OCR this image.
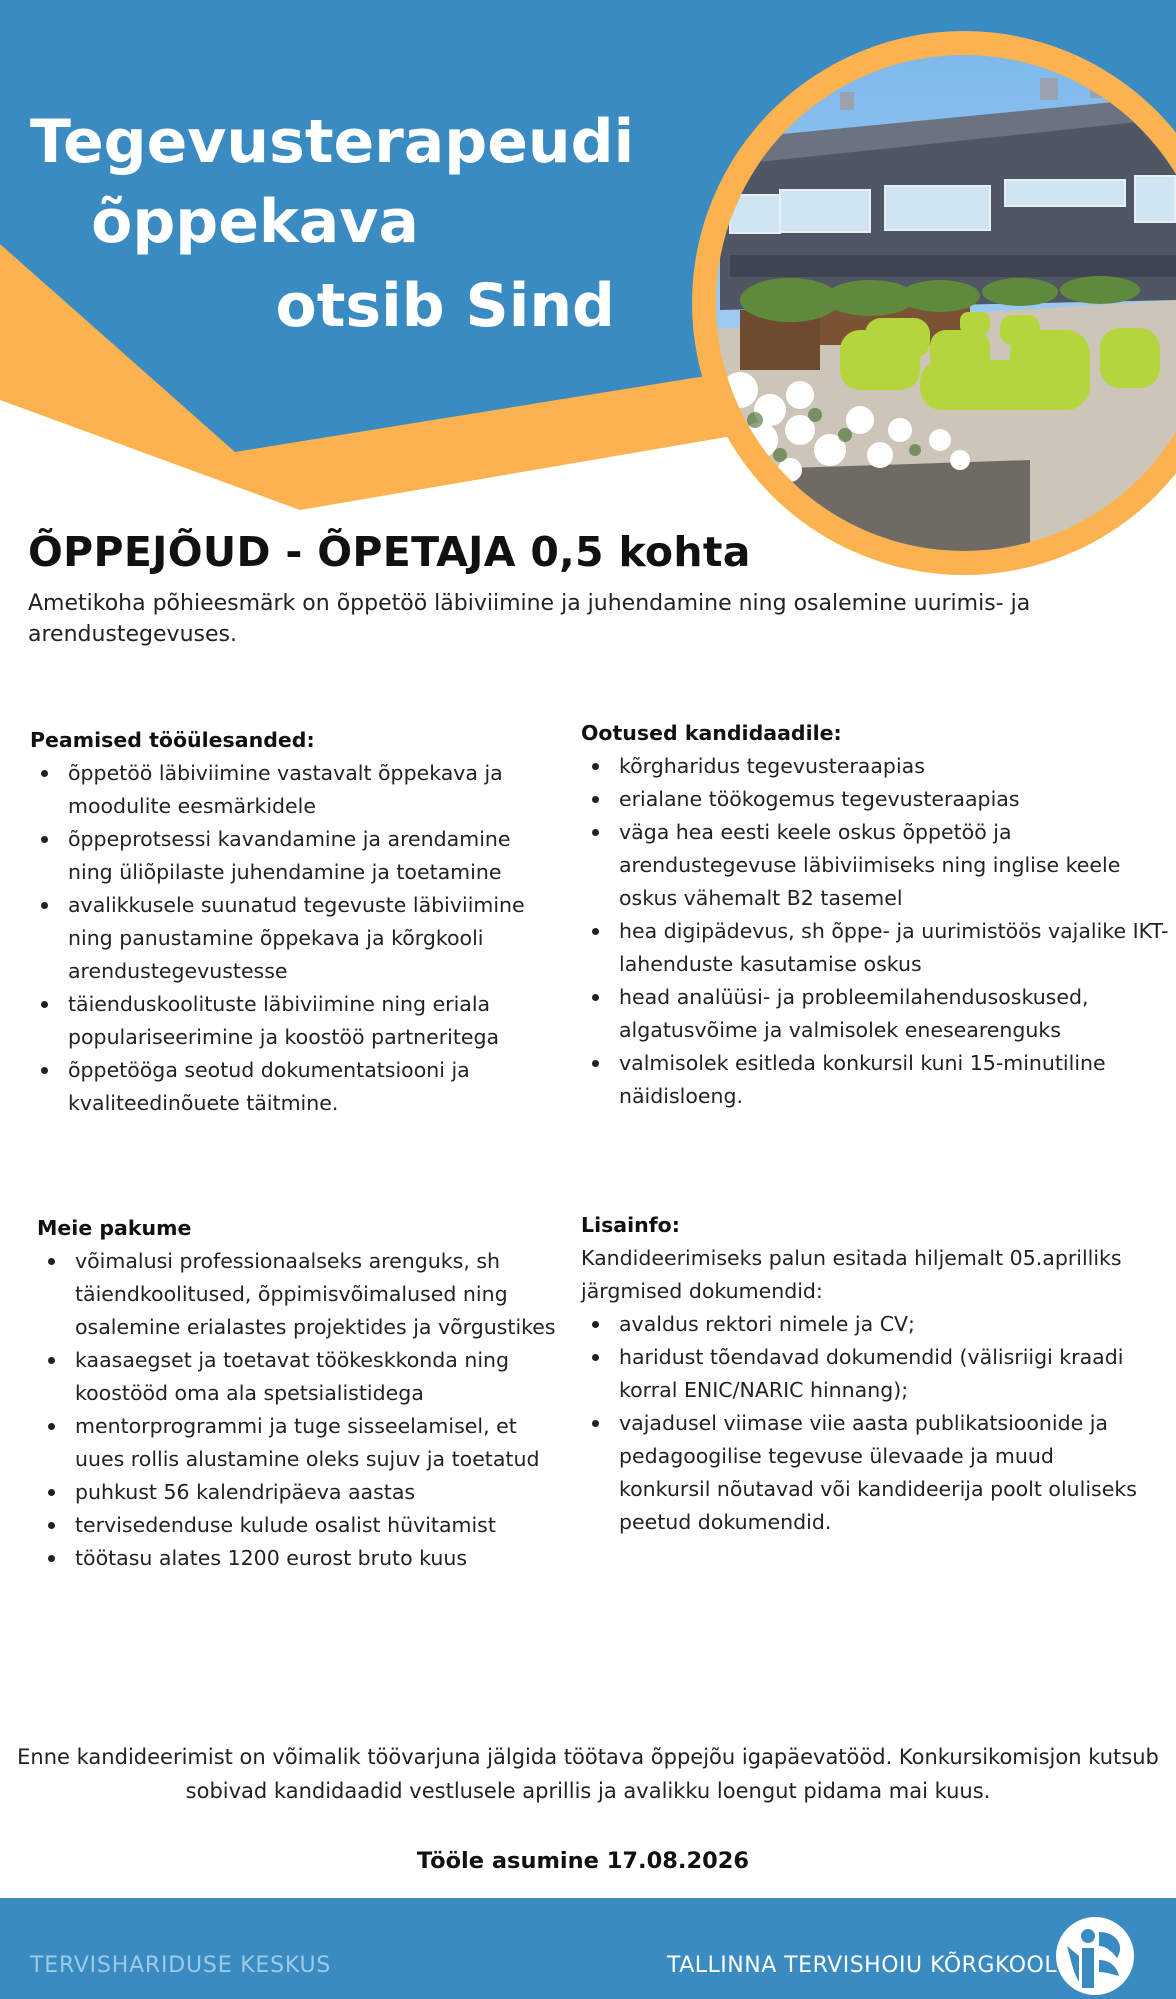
Tegevusterapeudi
õppekava
otsib Sind
ÕPPEJÕUD - ÕPETAJA 0,5 kohta

Ametikoha põhieesmärk on õppetöö läbiviimine ja juhendamine ning osalemine uurimis- ja arendustegevuses.

Peamised tööülesanded:
õppetöö läbiviimine vastavalt õppekava ja moodulite eesmärkidele
õppeprotsessi kavandamine ja arendamine ning üliõpilaste juhendamine ja toetamine
avalikkusele suunatud tegevuste läbiviimine ning panustamine õppekava ja kõrgkooli arendustegevustesse
täienduskoolituste läbiviimine ning eriala populariseerimine ja koostöö partneritega
õppetööga seotud dokumentatsiooni ja kvaliteedinõuete täitmine.
Ootused kandidaadile:
kõrgharidus tegevusteraapias
erialane töökogemus tegevusteraapias
väga hea eesti keele oskus õppetöö ja arendustegevuse läbiviimiseks ning inglise keele oskus vähemalt B2 tasemel
hea digipädevus, sh õppe- ja uurimistöös vajalike IKT-lahenduste kasutamise oskus
head analüüsi- ja probleemilahendusoskused, algatusvõime ja valmisolek enesearenguks
valmisolek esitleda konkursil kuni 15-minutiline näidisloeng.
Meie pakume
võimalusi professionaalseks arenguks, sh täiendkoolitused, õppimisvõimalused ning osalemine erialastes projektides ja võrgustikes
kaasaegset ja toetavat töökeskkonda ning koostööd oma ala spetsialistidega
mentorprogrammi ja tuge sisseelamisel, et uues rollis alustamine oleks sujuv ja toetatud
puhkust 56 kalendripäeva aastas
tervisedenduse kulude osalist hüvitamist
töötasu alates 1200 eurost bruto kuus
Lisainfo:

Kandideerimiseks palun esitada hiljemalt 05.aprilliks järgmised dokumendid:

avaldus rektori nimele ja CV;
haridust tõendavad dokumendid (välisriigi kraadi korral ENIC/NARIC hinnang);
vajadusel viimase viie aasta publikatsioonide ja pedagoogilise tegevuse ülevaade ja muud konkursil nõutavad või kandideerija poolt oluliseks peetud dokumendid.

Enne kandideerimist on võimalik töövarjuna jälgida töötava õppejõu igapäevatööd. Konkursikomisjon kutsub sobivad kandidaadid vestlusele aprillis ja avalikku loengut pidama mai kuus.

Tööle asumine 17.08.2026

TERVISHARIDUSE KESKUS	TALLINNA TERVISHOIU KÕRGKOOL
